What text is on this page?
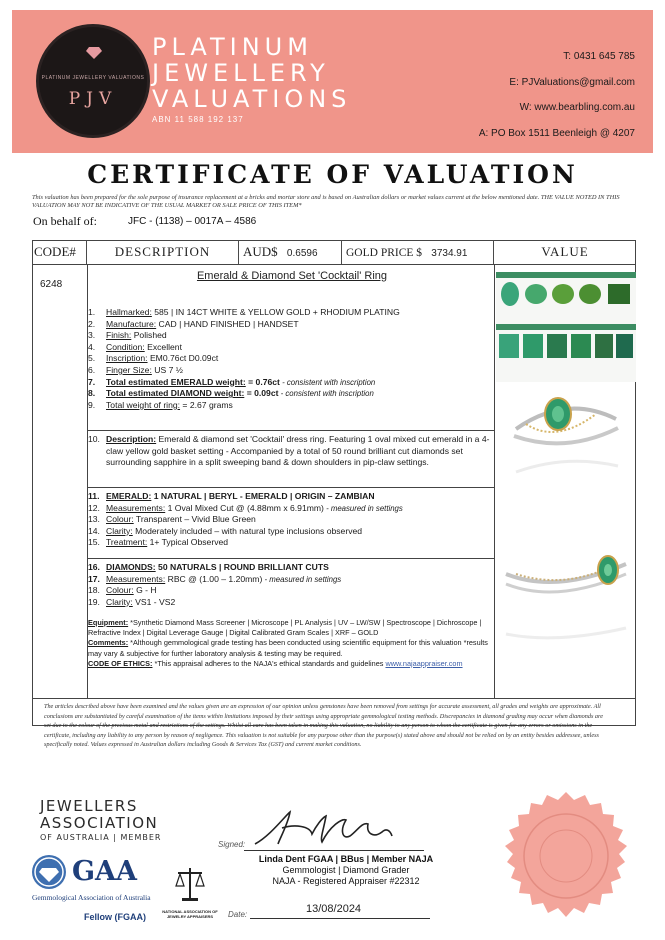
PLATINUM JEWELLERY VALUATIONS
PJV
PLATINUM
JEWELLERY
VALUATIONS
ABN 11 588 192 137
T: 0431 645 785
E: PJValuations@gmail.com
W: www.bearbling.com.au
A: PO Box 1511 Beenleigh @ 4207
CERTIFICATE OF VALUATION
This valuation has been prepared for the sole purpose of insurance replacement at a bricks and mortar store and is based on Australian dollars or market values current at the below mentioned date. THE VALUE NOTED IN THIS VALUATION MAY NOT BE INDICATIVE OF THE USUAL MARKET OR SALE PRICE OF THIS ITEM*
On behalf of:	JFC - (1138) – 0017A – 4586
CODE#	DESCRIPTION	AUD$ 0.6596	GOLD PRICE $ 3734.91	VALUE
6248
Emerald & Diamond Set 'Cocktail' Ring
1.	Hallmarked: 585 | IN 14CT WHITE & YELLOW GOLD + RHODIUM PLATING
2.	Manufacture: CAD | HAND FINISHED | HANDSET
3.	Finish: Polished
4.	Condition: Excellent
5.	Inscription: EM0.76ct D0.09ct
6.	Finger Size: US 7 ½
7.	Total estimated EMERALD weight: = 0.76ct - consistent with inscription
8.	Total estimated DIAMOND weight: = 0.09ct - consistent with inscription
9.	Total weight of ring: = 2.67 grams
10. Description: Emerald & diamond set 'Cocktail' dress ring. Featuring 1 oval mixed cut emerald in a 4-claw yellow gold basket setting - Accompanied by a total of 50 round brilliant cut diamonds set surrounding sapphire in a split sweeping band & down shoulders in pip-claw settings.
11. EMERALD: 1 NATURAL | BERYL - EMERALD | ORIGIN – ZAMBIAN
12. Measurements: 1 Oval Mixed Cut @ (4.88mm x 6.91mm) - measured in settings
13. Colour: Transparent – Vivid Blue Green
14. Clarity: Moderately included – with natural type inclusions observed
15. Treatment: 1+ Typical Observed
16. DIAMONDS: 50 NATURALS | ROUND BRILLIANT CUTS
17. Measurements: RBC @ (1.00 – 1.20mm) - measured in settings
18. Colour: G - H
19. Clarity: VS1 - VS2
Equipment: *Synthetic Diamond Mass Screener | Microscope | PL Analysis | UV – LW/SW | Spectroscope | Dichroscope | Refractive Index | Digital Leverage Gauge | Digital Calibrated Gram Scales | XRF – GOLD
Comments: *Although gemmological grade testing has been conducted using scientific equipment for this valuation *results may vary & subjective for further laboratory analysis & testing may be required.
CODE OF ETHICS: *This appraisal adheres to the NAJA's ethical standards and guidelines www.najaappraiser.com
The articles described above have been examined and the values given are an expression of our opinion unless gemstones have been removed from settings for accurate assessment, all grades and weights are approximate. All conclusions are substantiated by careful examination of the items within limitations imposed by their settings using appropriate gemmological testing methods. Discrepancies in diamond grading may occur when diamonds are set due to the colour of the precious metal and restrictions of the settings. Whilst all care has been taken in making this valuation, no liability to any person to whom the certificate is given for any errors or omissions in the certificate, including any liability to any person by reason of negligence. This valuation is not suitable for any purpose other than the purpose(s) stated above and should not be relied on by an entity besides addressee, unless specifically noted. Values expressed in Australian dollars including Goods & Services Tax (GST) and current market conditions.
JEWELLERS
ASSOCIATION
OF AUSTRALIA | MEMBER
GAA
Gemmological Association of Australia
Fellow (FGAA)
NATIONAL ASSOCIATION OF JEWELRY APPRAISERS
Signed:
Linda Dent FGAA | BBus | Member NAJA
Gemmologist | Diamond Grader
NAJA - Registered Appraiser #22312
Date:	13/08/2024
